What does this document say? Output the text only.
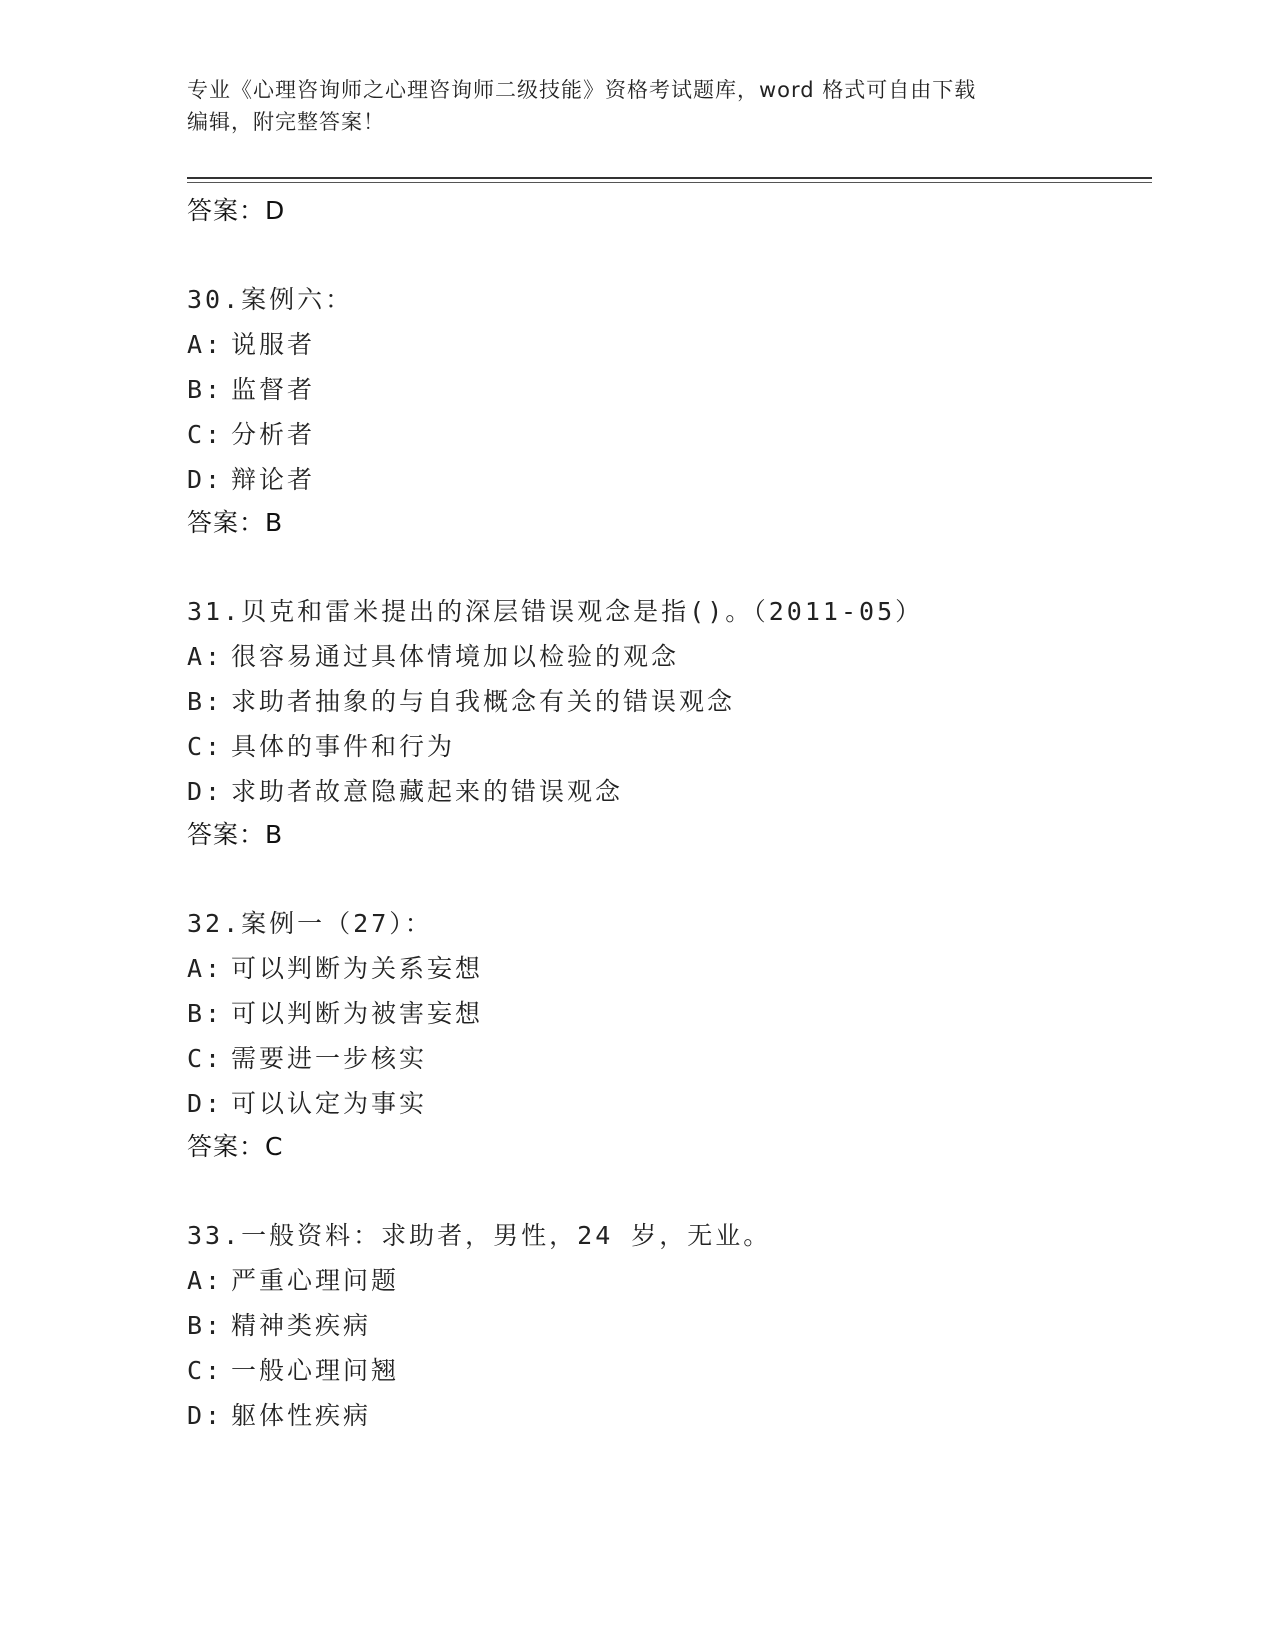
专业《心理咨询师之心理咨询师二级技能》资格考试题库，word 格式可自由下载
编辑，附完整答案！
答案：D
30.案例六：
A: 说服者
B: 监督者
C: 分析者
D: 辩论者
答案：B
31.贝克和雷米提出的深层错误观念是指()。（2011-05）
A: 很容易通过具体情境加以检验的观念
B: 求助者抽象的与自我概念有关的错误观念
C: 具体的事件和行为
D: 求助者故意隐藏起来的错误观念
答案：B
32.案例一（27）：
A: 可以判断为关系妄想
B: 可以判断为被害妄想
C: 需要进一步核实
D: 可以认定为事实
答案：C
33.一般资料：求助者，男性，24 岁，无业。
A: 严重心理问题
B: 精神类疾病
C: 一般心理问翘
D: 躯体性疾病
